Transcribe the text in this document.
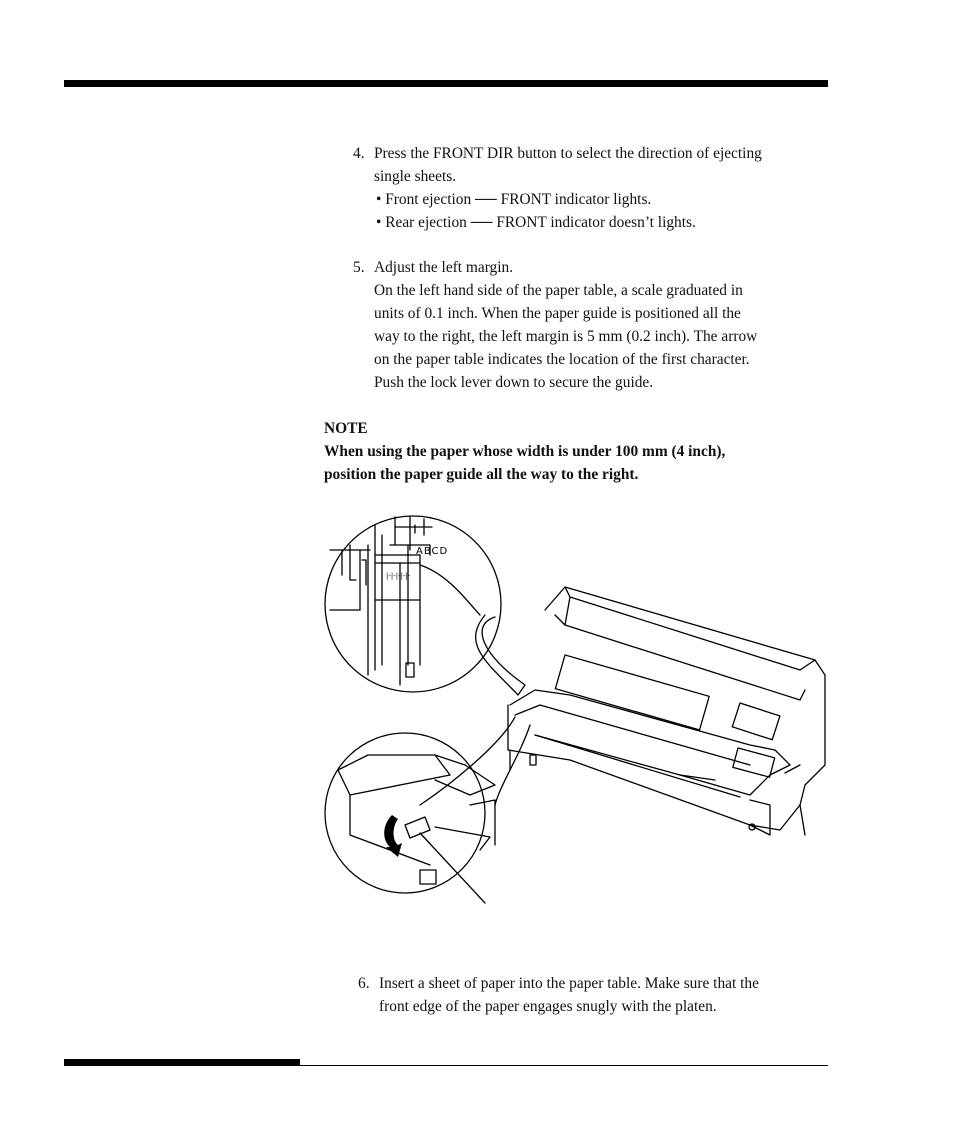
4. Press the FRONT DIR button to select the direction of ejecting
single sheets.
• Front ejection ── FRONT indicator lights.
• Rear ejection ── FRONT indicator doesn’t lights.
5. Adjust the left margin.
On the left hand side of the paper table, a scale graduated in
units of 0.1 inch. When the paper guide is positioned all the
way to the right, the left margin is 5 mm (0.2 inch). The arrow
on the paper table indicates the location of the first character.
Push the lock lever down to secure the guide.
NOTE
When using the paper whose width is under 100 mm (4 inch),
position the paper guide all the way to the right.
|-|-|-|-|-
ABCD
6. Insert a sheet of paper into the paper table. Make sure that the
front edge of the paper engages snugly with the platen.
